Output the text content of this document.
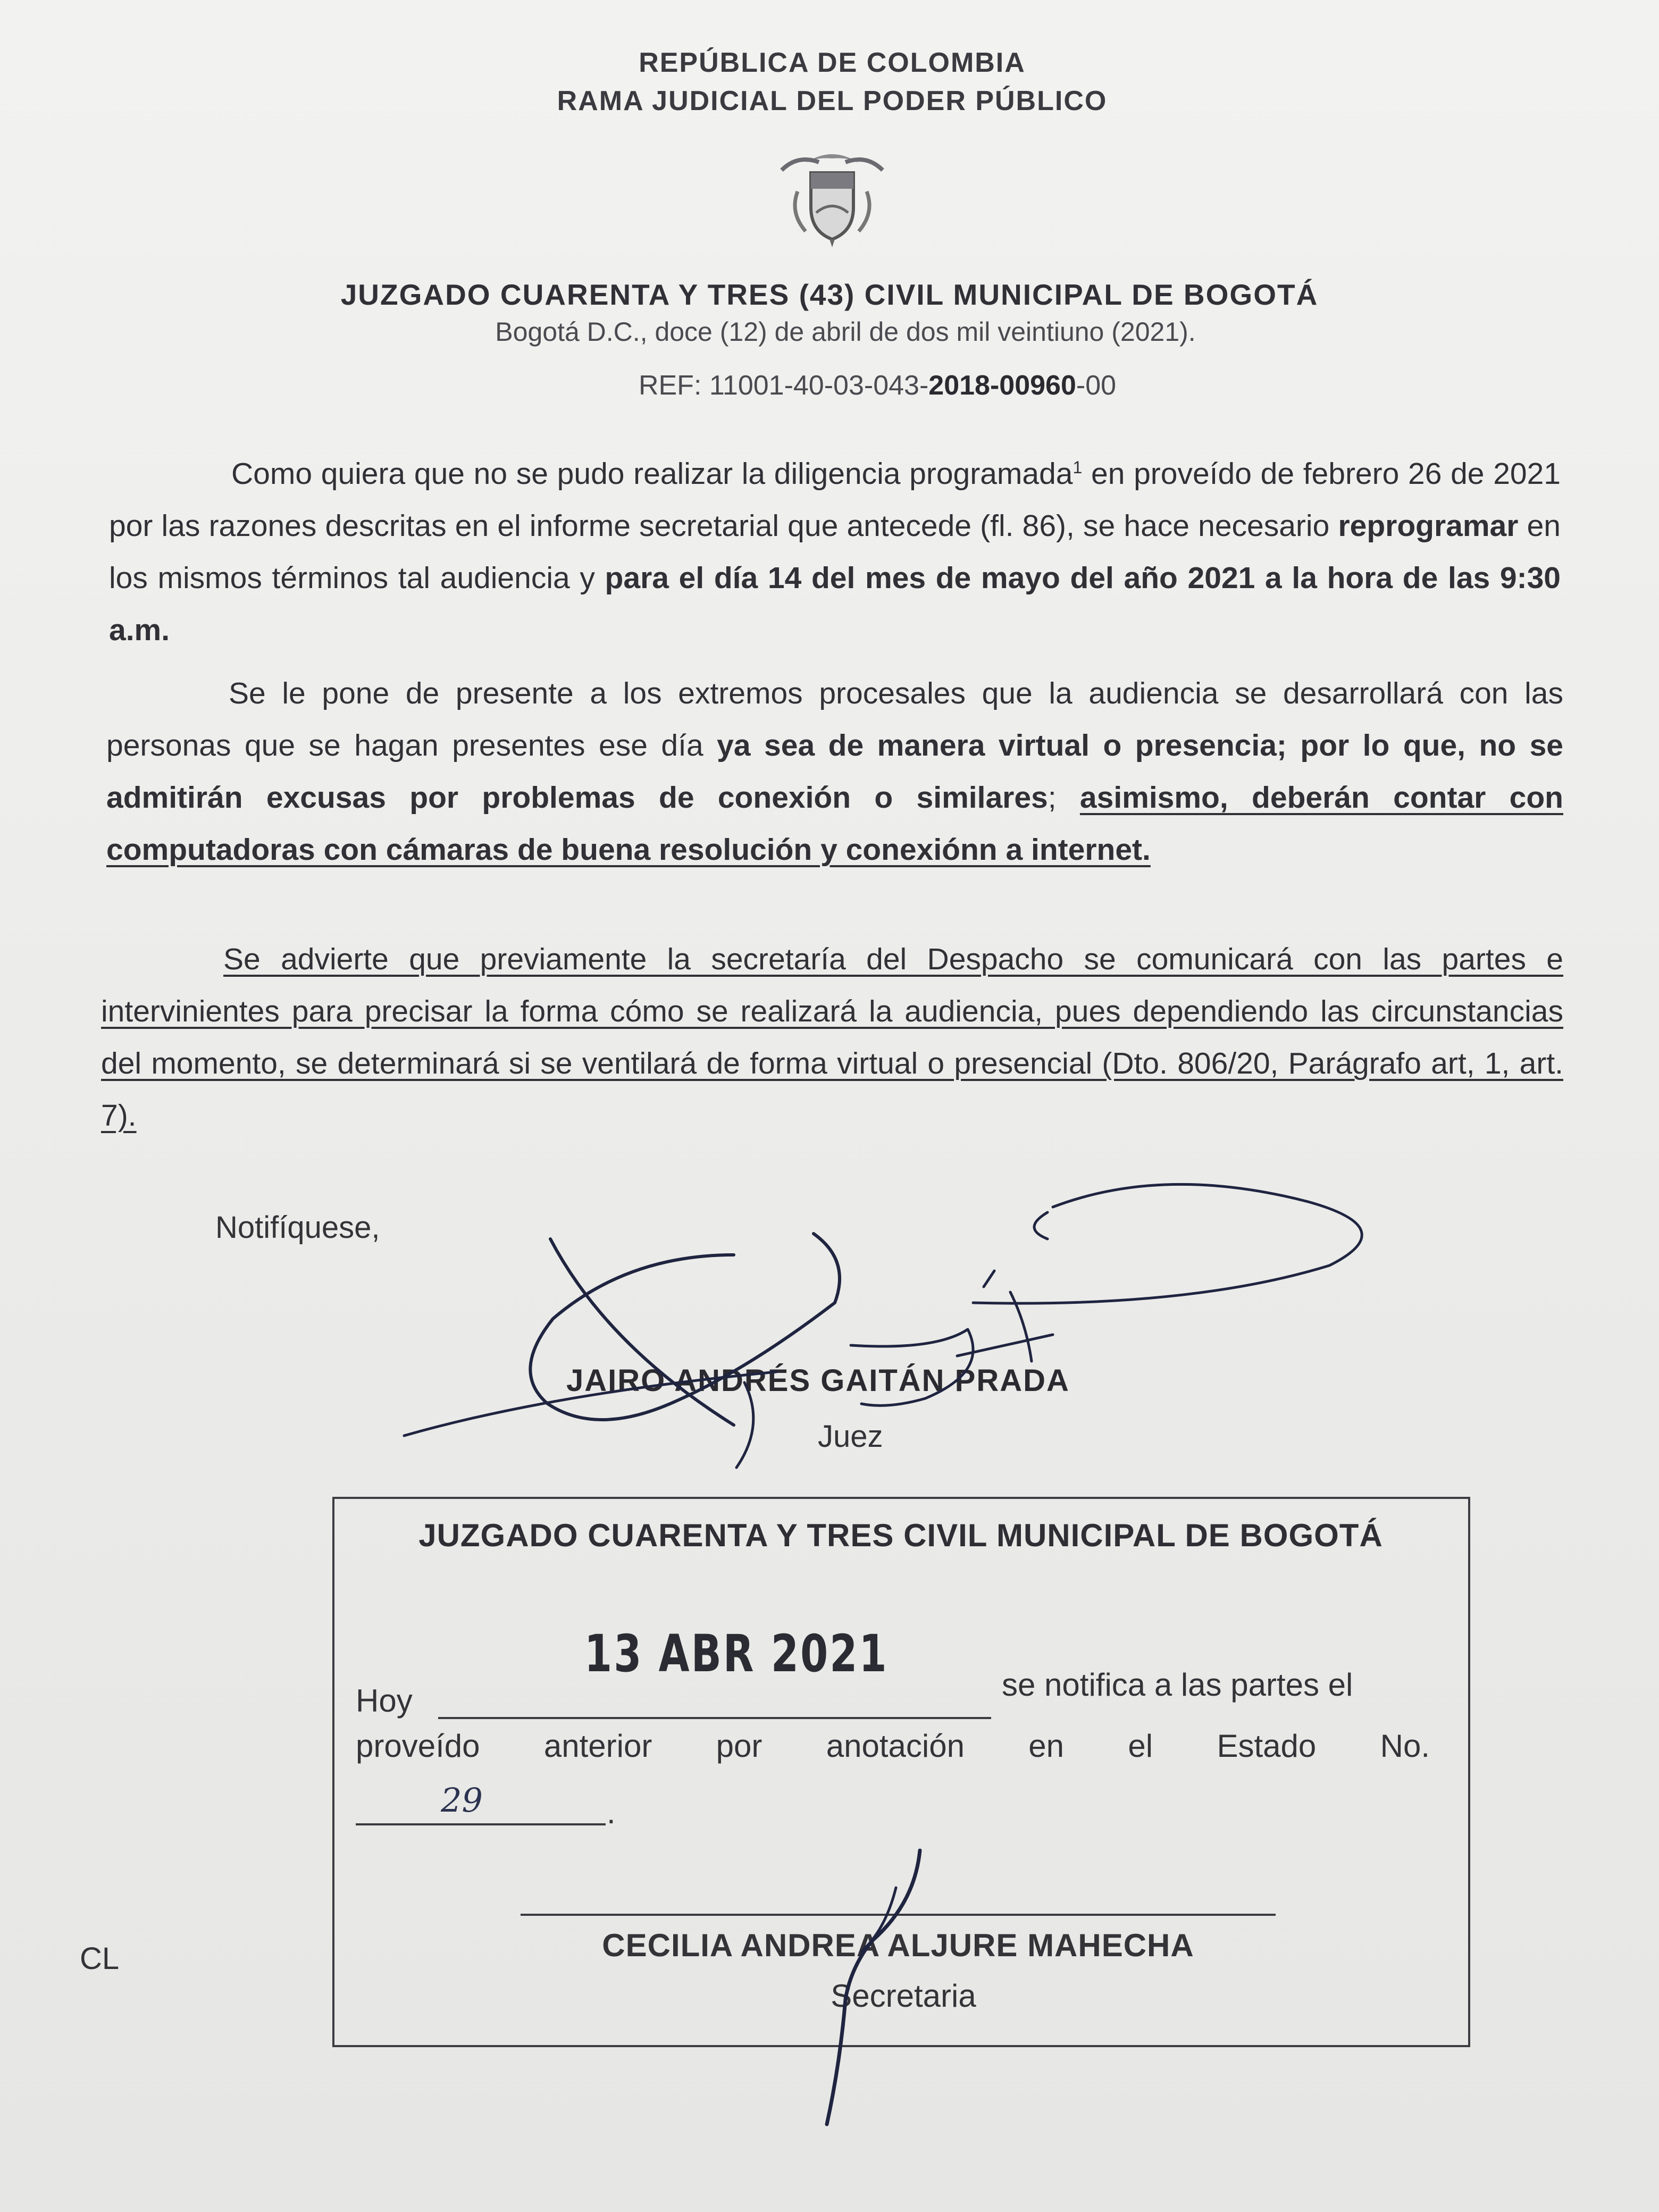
REPÚBLICA DE COLOMBIA
RAMA JUDICIAL DEL PODER PÚBLICO
JUZGADO CUARENTA Y TRES (43) CIVIL MUNICIPAL DE BOGOTÁ
Bogotá D.C., doce (12) de abril de dos mil veintiuno (2021).
REF: 11001-40-03-043-2018-00960-00

Como quiera que no se pudo realizar la diligencia programada$^1$ en proveído de febrero 26 de 2021 por las razones descritas en el informe secretarial que antecede (fl. 86), se hace necesario reprogramar en los mismos términos tal audiencia y para el día 14 del mes de mayo del año 2021 a la hora de las 9:30 a.m.

Se le pone de presente a los extremos procesales que la audiencia se desarrollará con las personas que se hagan presentes ese día ya sea de manera virtual o presencia; por lo que, no se admitirán excusas por problemas de conexión o similares; asimismo, deberán contar con computadoras con cámaras de buena resolución y conexiónn a internet.

Se advierte que previamente la secretaría del Despacho se comunicará con las partes e intervinientes para precisar la forma cómo se realizará la audiencia, pues dependiendo las circunstancias del momento, se determinará si se ventilará de forma virtual o presencial (Dto. 806/20, Parágrafo art, 1, art. 7).

Notifíquese,
JAIRO ANDRÉS GAITÁN PRADA
Juez
JUZGADO CUARENTA Y TRES CIVIL MUNICIPAL DE BOGOTÁ
13 ABR 2021
Hoy	se notifica a las partes el
proveído anterior por anotación en el Estado No.
29	.
CECILIA ANDREA ALJURE MAHECHA
Secretaria
CL
